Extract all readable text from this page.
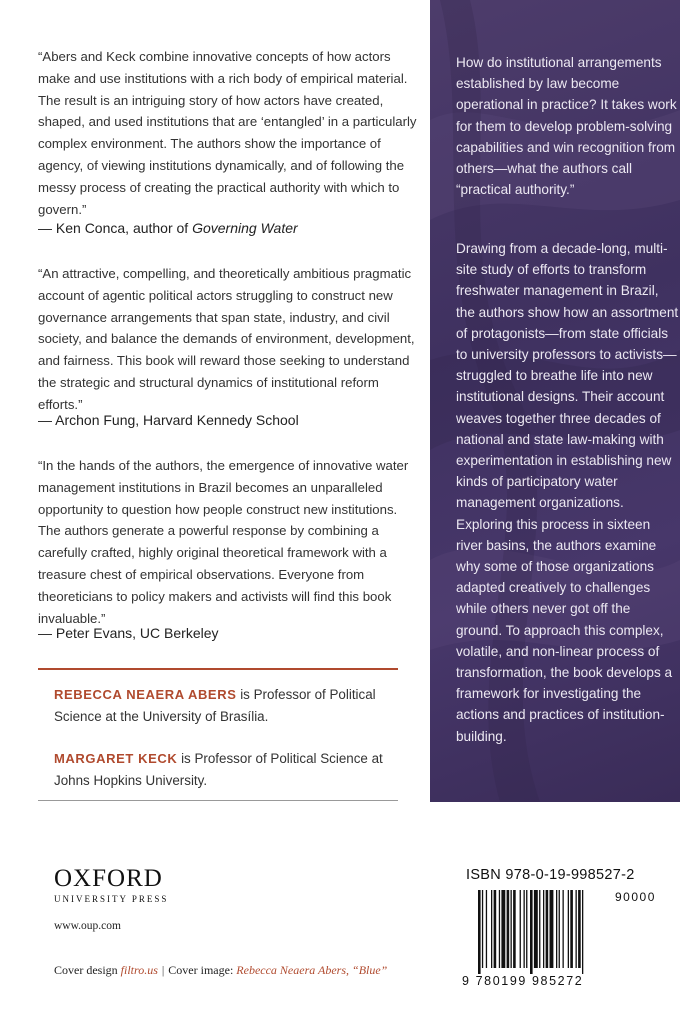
“Abers and Keck combine innovative concepts of how actors make and use institutions with a rich body of empirical material. The result is an intriguing story of how actors have created, shaped, and used institutions that are ‘entangled’ in a particularly complex environment. The authors show the importance of agency, of viewing institutions dynamically, and of following the messy process of creating the practical authority with which to govern.”

— Ken Conca, author of Governing Water

“An attractive, compelling, and theoretically ambitious pragmatic account of agentic political actors struggling to construct new governance arrangements that span state, industry, and civil society, and balance the demands of environment, development, and fairness. This book will reward those seeking to understand the strategic and structural dynamics of institutional reform efforts.”

— Archon Fung, Harvard Kennedy School

“In the hands of the authors, the emergence of innovative water management institutions in Brazil becomes an unparalleled opportunity to question how people construct new institutions. The authors generate a powerful response by combining a carefully crafted, highly original theoretical framework with a treasure chest of empirical observations. Everyone from theoreticians to policy makers and activists will find this book invaluable.”

— Peter Evans, UC Berkeley
REBECCA NEAERA ABERS is Professor of Political Science at the University of Brasília.
MARGARET KECK is Professor of Political Science at Johns Hopkins University.
OXFORD
UNIVERSITY PRESS
www.oup.com
Cover design filtro.us | Cover image: Rebecca Neaera Abers, “Blue”

How do institutional arrangements established by law become operational in practice? It takes work for them to develop problem-solving capabilities and win recognition from others—what the authors call “practical authority.”

Drawing from a decade-long, multi-site study of efforts to transform freshwater management in Brazil, the authors show how an assortment of protagonists—from state officials to university professors to activists—struggled to breathe life into new institutional designs. Their account weaves together three decades of national and state law-making with experimentation in establishing new kinds of participatory water management organizations. Exploring this process in sixteen river basins, the authors examine why some of those organizations adapted creatively to challenges while others never got off the ground. To approach this complex, volatile, and non-linear process of transformation, the book develops a framework for investigating the actions and practices of institution-building.

ISBN 978-0-19-998527-2
90000
9 780199 985272
